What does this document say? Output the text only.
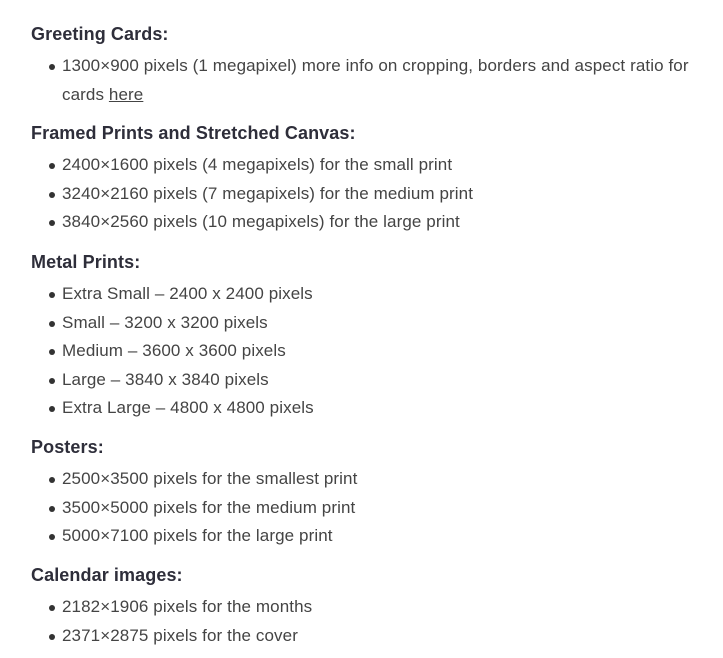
Greeting Cards:
1300×900 pixels (1 megapixel) more info on cropping, borders and aspect ratio for cards here
Framed Prints and Stretched Canvas:
2400×1600 pixels (4 megapixels) for the small print
3240×2160 pixels (7 megapixels) for the medium print
3840×2560 pixels (10 megapixels) for the large print
Metal Prints:
Extra Small – 2400 x 2400 pixels
Small – 3200 x 3200 pixels
Medium – 3600 x 3600 pixels
Large – 3840 x 3840 pixels
Extra Large – 4800 x 4800 pixels
Posters:
2500×3500 pixels for the smallest print
3500×5000 pixels for the medium print
5000×7100 pixels for the large print
Calendar images:
2182×1906 pixels for the months
2371×2875 pixels for the cover
